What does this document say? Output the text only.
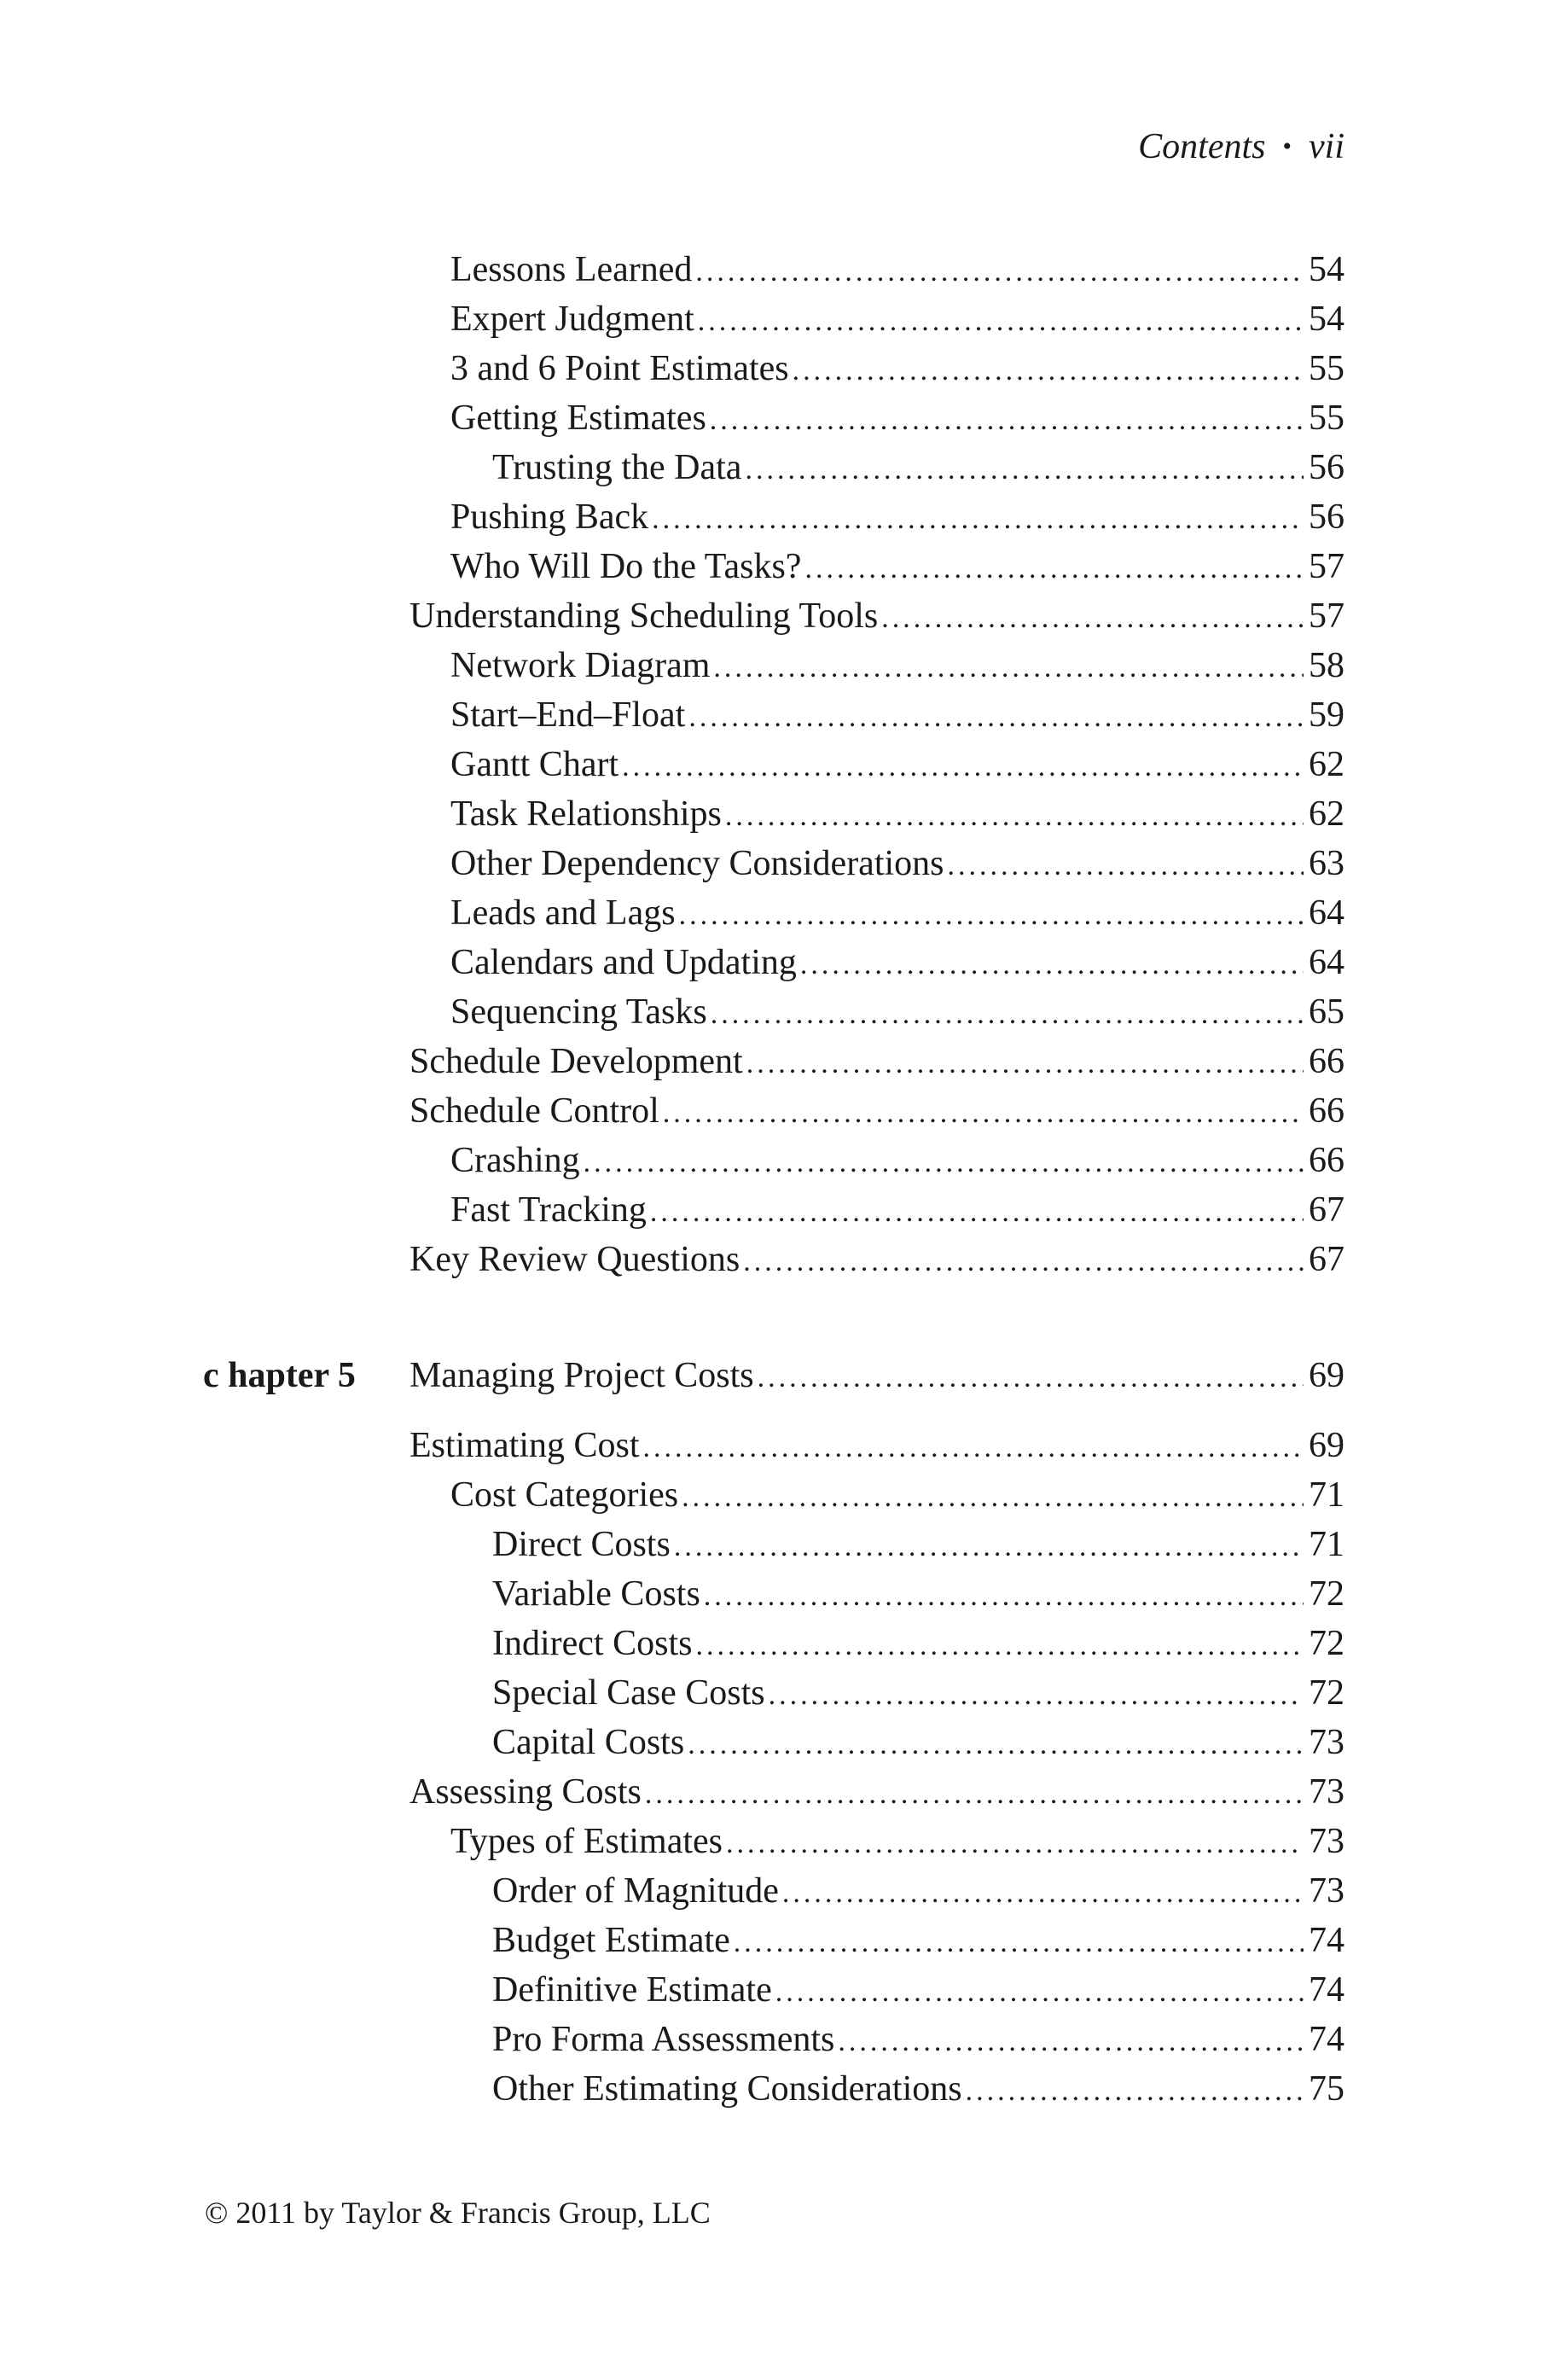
Contents • vii
Lessons Learned .....	54
Expert Judgment .....	54
3 and 6 Point Estimates .....	55
Getting Estimates .....	55
Trusting the Data .....	56
Pushing Back .....	56
Who Will Do the Tasks? .....	57
Understanding Scheduling Tools .....	57
Network Diagram .....	58
Start–End–Float .....	59
Gantt Chart .....	62
Task Relationships .....	62
Other Dependency Considerations .....	63
Leads and Lags .....	64
Calendars and Updating .....	64
Sequencing Tasks .....	65
Schedule Development .....	66
Schedule Control .....	66
Crashing .....	66
Fast Tracking .....	67
Key Review Questions .....	67
c hapter 5 Managing Project Costs .....	69
Estimating Cost .....	69
Cost Categories .....	71
Direct Costs .....	71
Variable Costs .....	72
Indirect Costs .....	72
Special Case Costs .....	72
Capital Costs .....	73
Assessing Costs .....	73
Types of Estimates .....	73
Order of Magnitude .....	73
Budget Estimate .....	74
Definitive Estimate .....	74
Pro Forma Assessments .....	74
Other Estimating Considerations .....	75
© 2011 by Taylor & Francis Group, LLC
